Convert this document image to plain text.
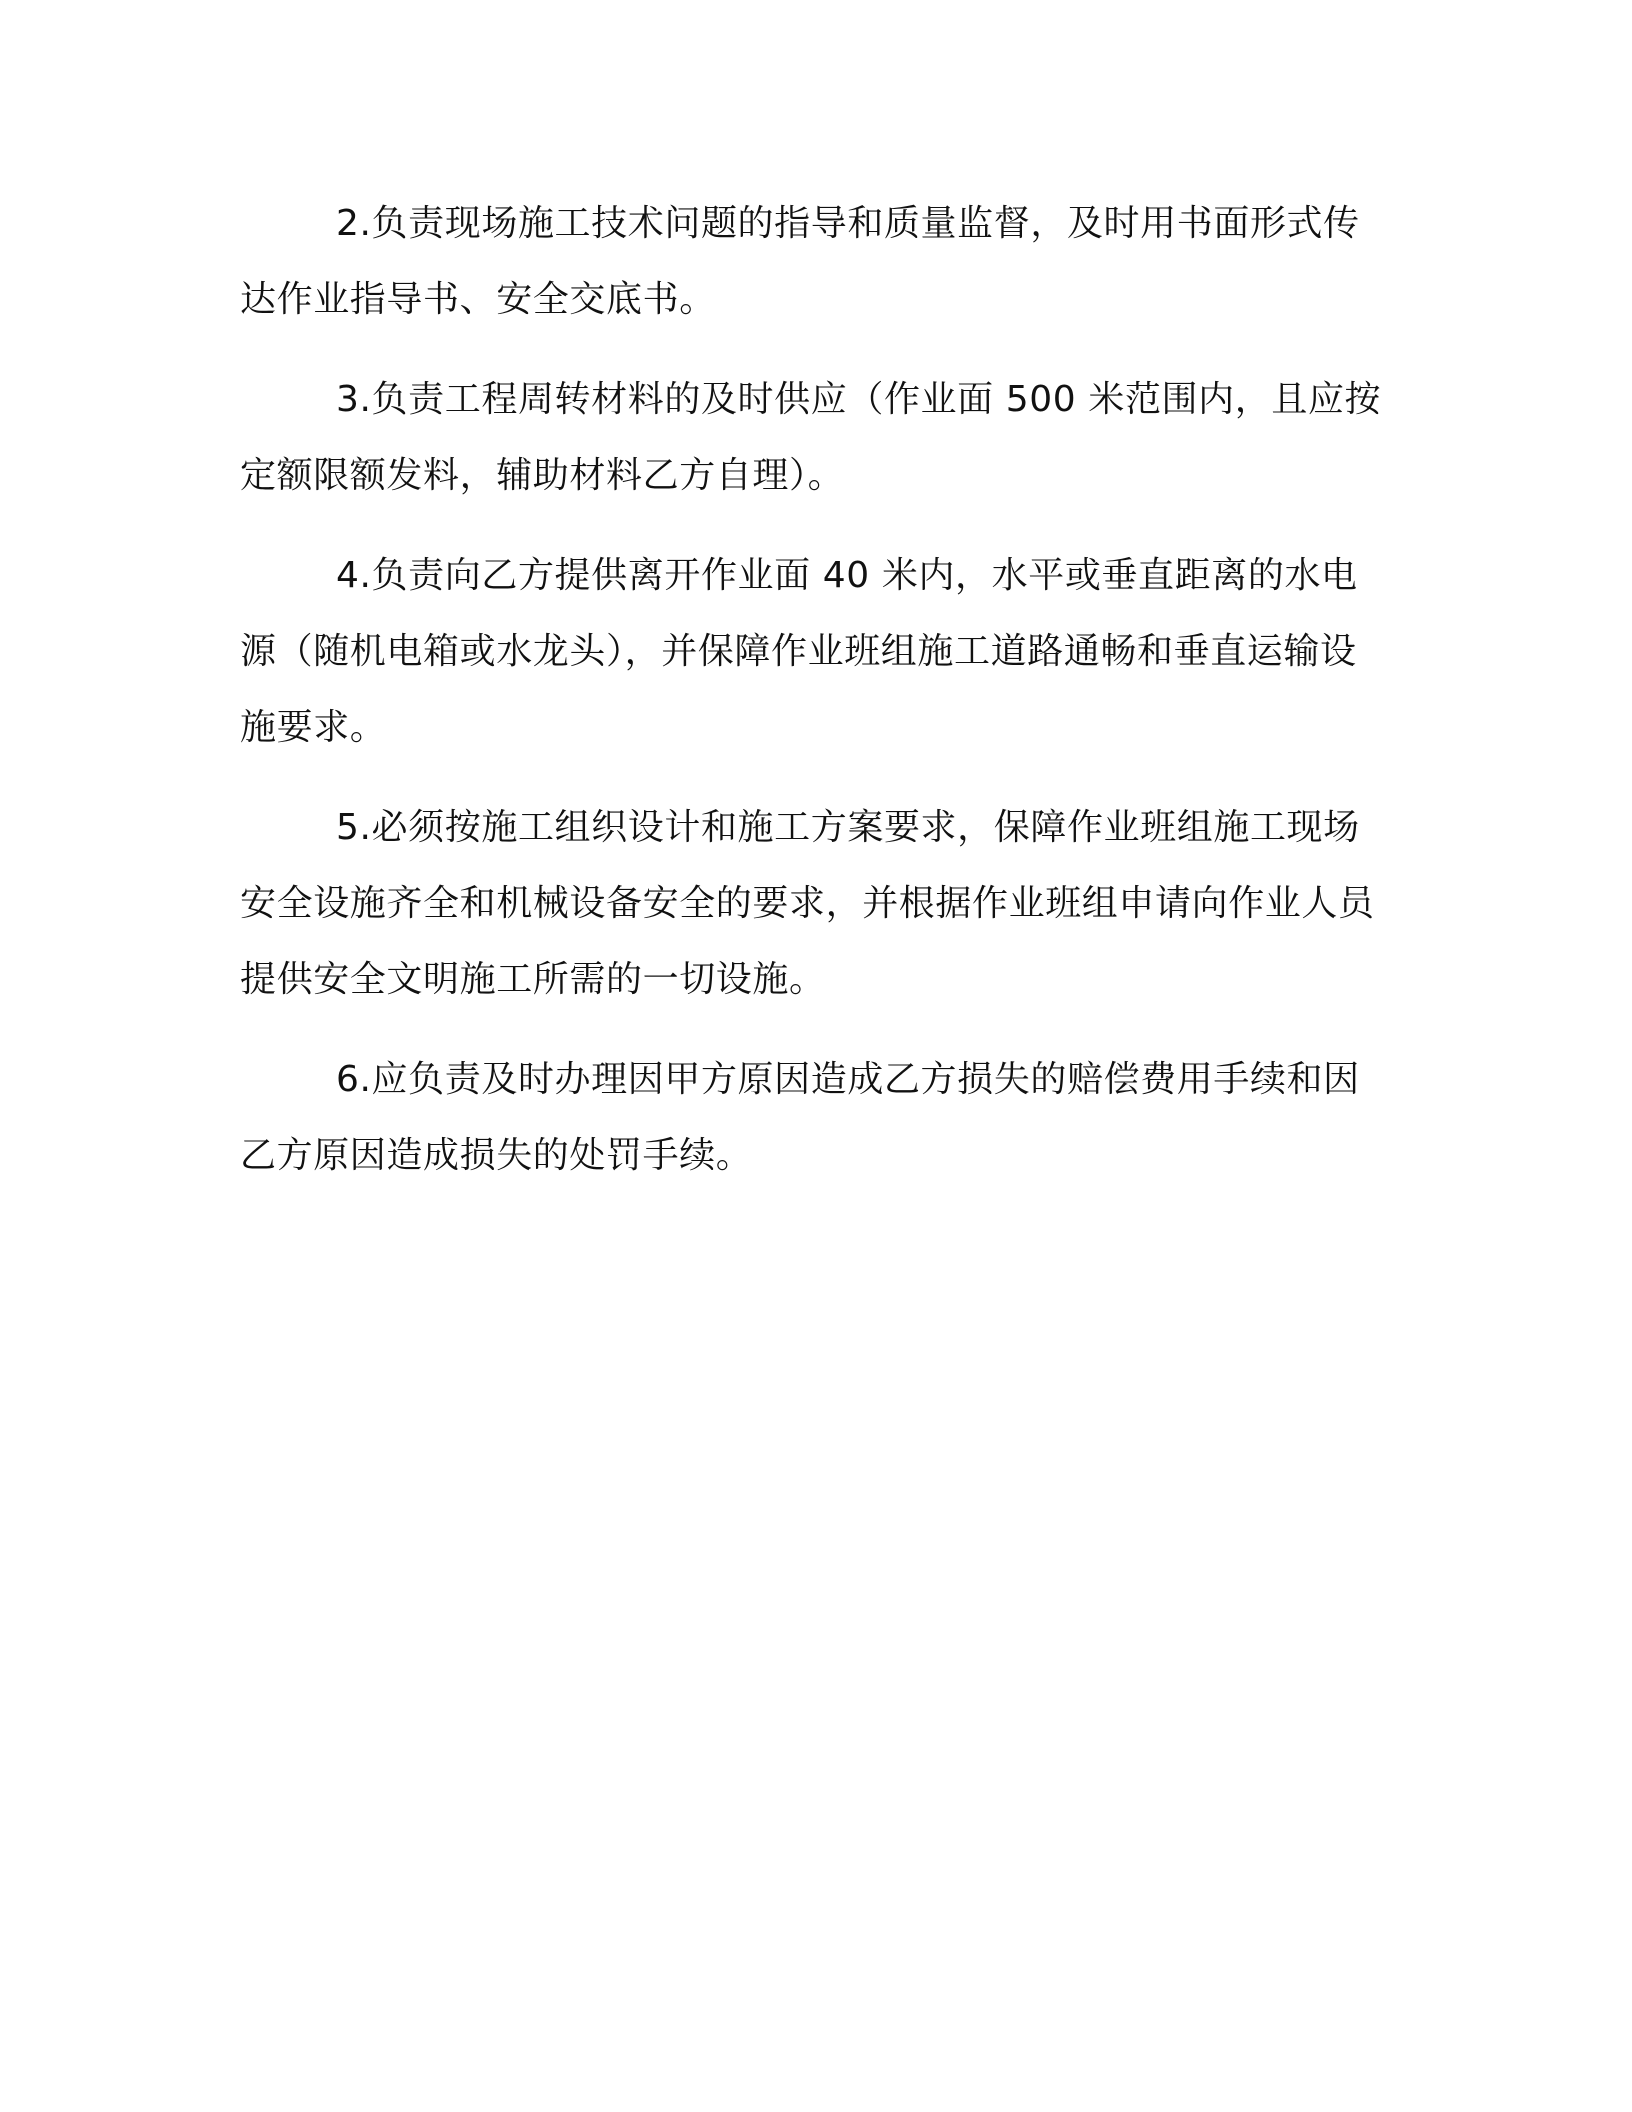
2.负责现场施工技术问题的指导和质量监督，及时用书面形式传达作业指导书、安全交底书。

3.负责工程周转材料的及时供应（作业面 500 米范围内，且应按定额限额发料，辅助材料乙方自理）。

4.负责向乙方提供离开作业面 40 米内，水平或垂直距离的水电源（随机电箱或水龙头），并保障作业班组施工道路通畅和垂直运输设施要求。

5.必须按施工组织设计和施工方案要求，保障作业班组施工现场安全设施齐全和机械设备安全的要求，并根据作业班组申请向作业人员提供安全文明施工所需的一切设施。

6.应负责及时办理因甲方原因造成乙方损失的赔偿费用手续和因乙方原因造成损失的处罚手续。
